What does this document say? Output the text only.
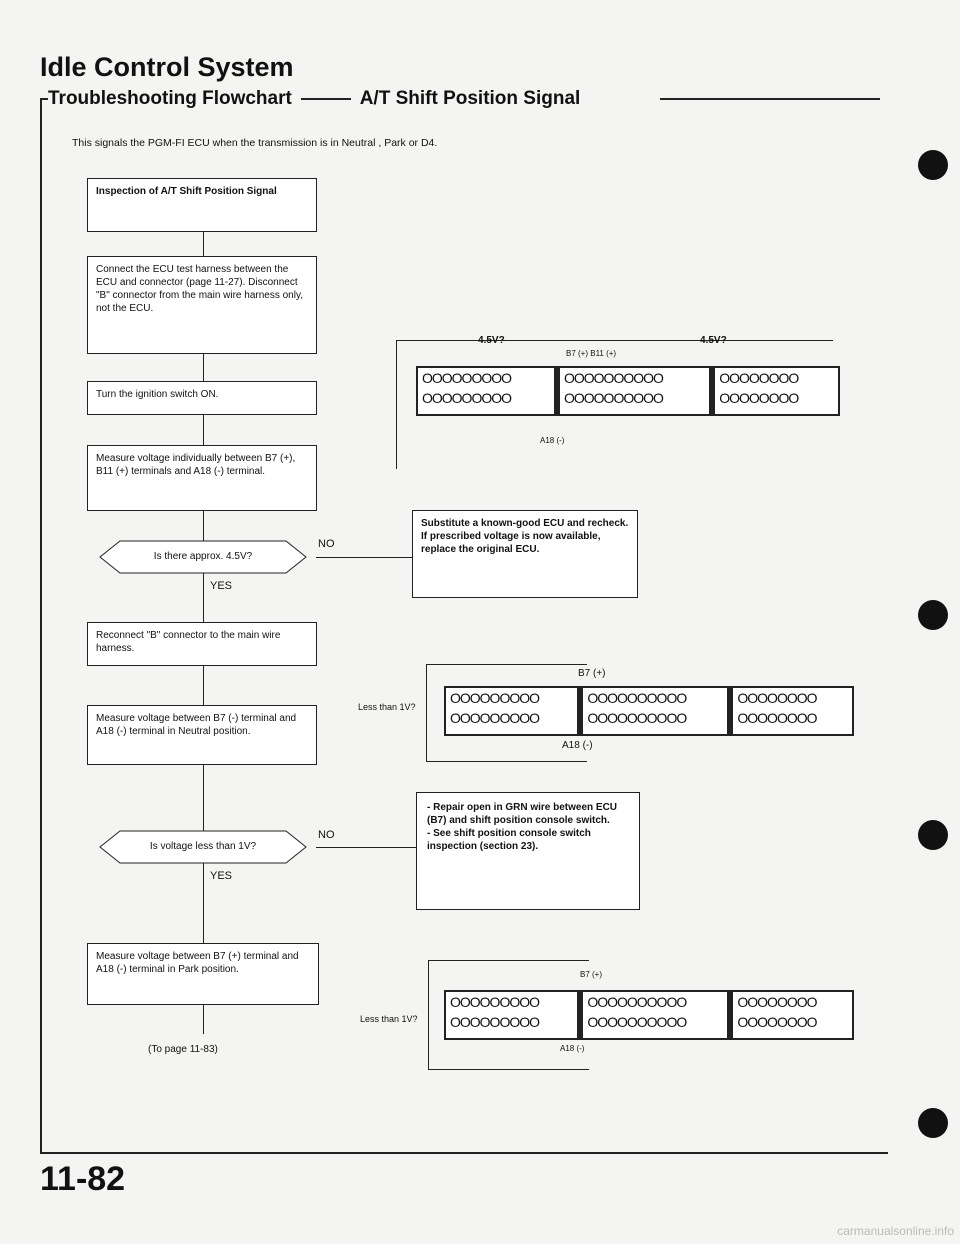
Idle Control System
Troubleshooting Flowchart	A/T Shift Position Signal
This signals the PGM-FI ECU when the transmission is in Neutral , Park or D4.
Inspection of A/T Shift Position Signal
Connect the ECU test harness between the ECU and connector (page 11-27). Disconnect "B" connector from the main wire harness only, not the ECU.
Turn the ignition switch ON.
Measure voltage individually between B7 (+), B11 (+) terminals and A18 (-) terminal.
Is there approx. 4.5V?
NO
YES
Substitute a known-good ECU and recheck. If prescribed voltage is now available, replace the original ECU.
Reconnect "B" connector to the main wire harness.
Measure voltage between B7 (-) terminal and A18 (-) terminal in Neutral position.
Is voltage less than 1V?
NO
YES
- Repair open in GRN wire between ECU (B7) and shift position console switch.
- See shift position console switch inspection (section 23).
Measure voltage between B7 (+) terminal and A18 (-) terminal in Park position.
(To page 11-83)
4.5V?	4.5V?
B7 (+) B11 (+)
OOOOOOOOO
OOOOOOOOO
OOOOOOOOOO
OOOOOOOOOO
OOOOOOOO
OOOOOOOO
A18 (-)
B7 (+)
Less than 1V?
OOOOOOOOO
OOOOOOOOO
OOOOOOOOOO
OOOOOOOOOO
OOOOOOOO
OOOOOOOO
A18 (-)
B7 (+)
Less than 1V?
OOOOOOOOO
OOOOOOOOO
OOOOOOOOOO
OOOOOOOOOO
OOOOOOOO
OOOOOOOO
A18 (-)
11-82
carmanualsonline.info
